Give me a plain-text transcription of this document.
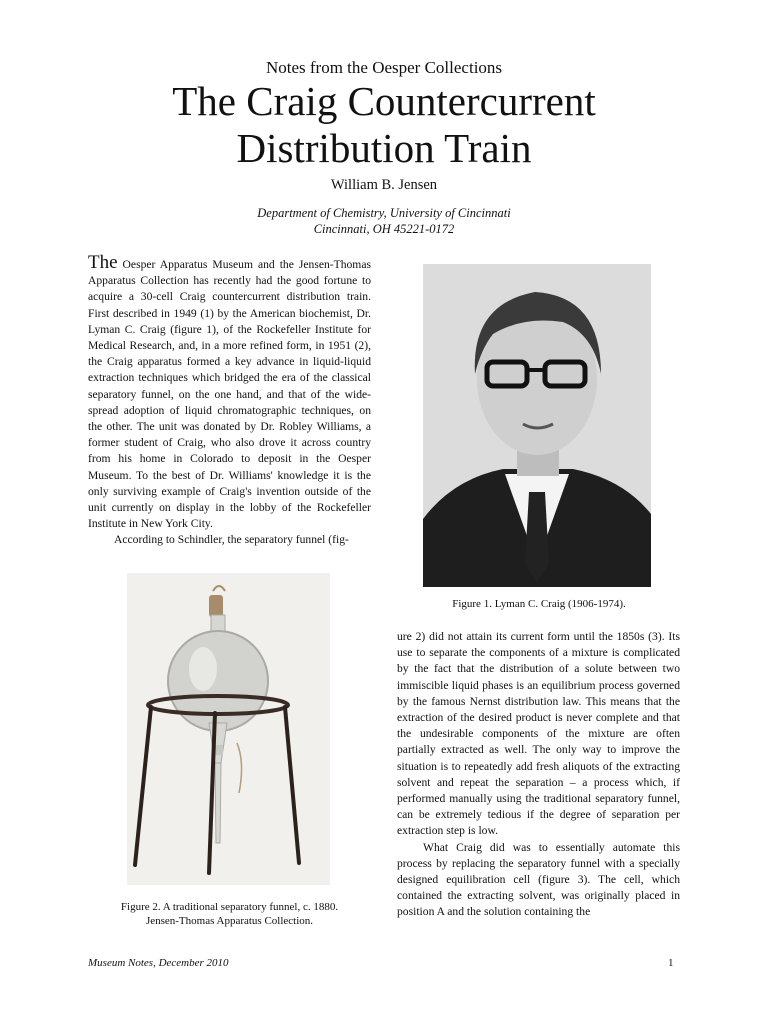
Notes from the Oesper Collections
The Craig Countercurrent
Distribution Train
William B. Jensen
Department of Chemistry, University of Cincinnati
Cincinnati, OH 45221-0172

The Oesper Apparatus Museum and the Jensen-Thomas Apparatus Collection has recently had the good fortune to acquire a 30-cell Craig countercurrent distribution train. First described in 1949 (1) by the American biochemist, Dr. Lyman C. Craig (figure 1), of the Rockefeller Institute for Medical Research, and, in a more refined form, in 1951 (2), the Craig apparatus formed a key advance in liquid-liquid extraction techniques which bridged the era of the classical separatory funnel, on the one hand, and that of the wide-spread adoption of liquid chromatographic techniques, on the other. The unit was donated by Dr. Robley Williams, a former student of Craig, who also drove it across country from his home in Colorado to deposit in the Oesper Museum. To the best of Dr. Williams' knowledge it is the only surviving example of Craig's invention outside of the unit currently on display in the lobby of the Rockefeller Institute in New York City.

According to Schindler, the separatory funnel (fig-

Figure 1. Lyman C. Craig (1906-1974).
Figure 2. A traditional separatory funnel, c. 1880.
Jensen-Thomas Apparatus Collection.

ure 2) did not attain its current form until the 1850s (3). Its use to separate the components of a mixture is complicated by the fact that the distribution of a solute between two immiscible liquid phases is an equilibrium process governed by the famous Nernst distribution law. This means that the extraction of the desired product is never complete and that the undesirable components of the mixture are often partially extracted as well. The only way to improve the situation is to repeatedly add fresh aliquots of the extracting solvent and repeat the separation – a process which, if performed manually using the traditional separatory funnel, can be extremely tedious if the degree of separation per extraction step is low.

What Craig did was to essentially automate this process by replacing the separatory funnel with a specially designed equilibration cell (figure 3). The cell, which contained the extracting solvent, was originally placed in position A and the solution containing the

Museum Notes, December 2010	1
